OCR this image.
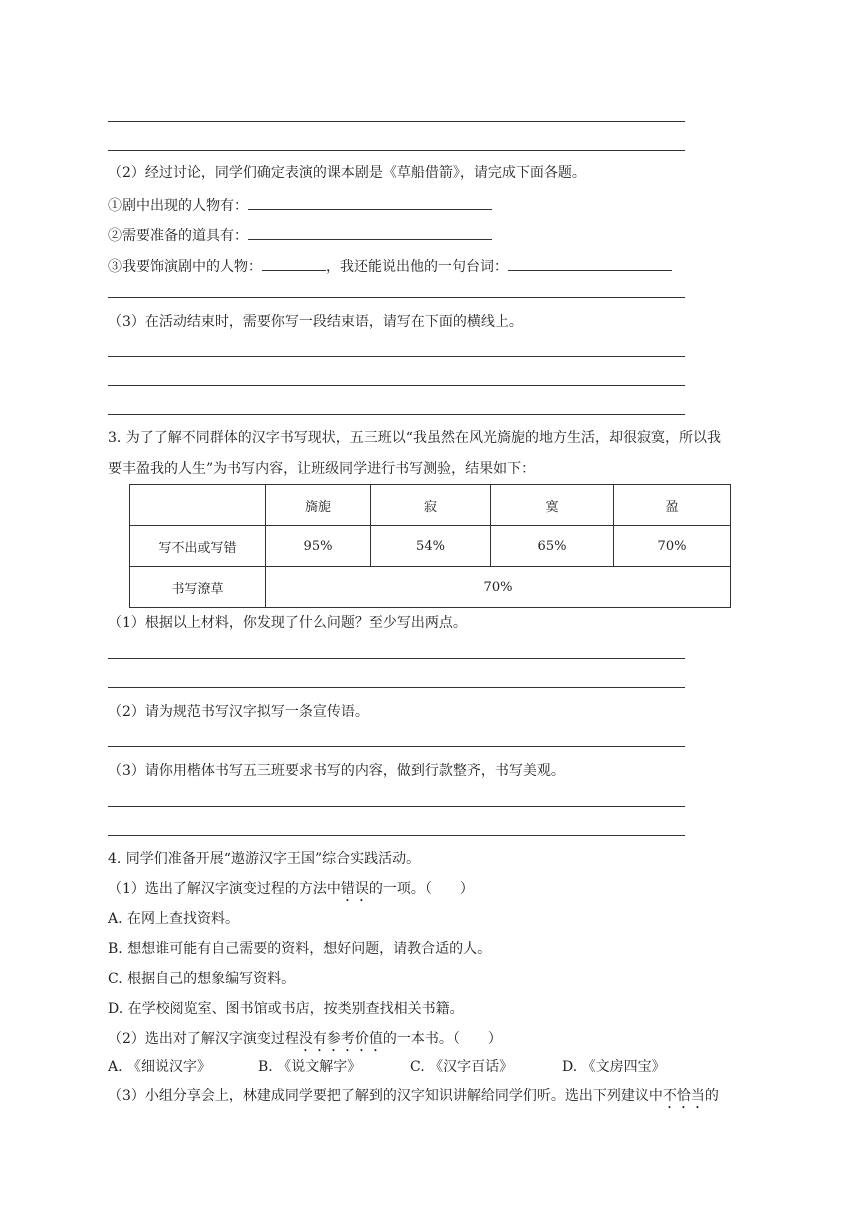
（2）经过讨论，同学们确定表演的课本剧是《草船借箭》，请完成下面各题。
①剧中出现的人物有：
②需要准备的道具有：
③我要饰演剧中的人物：	，我还能说出他的一句台词：
（3）在活动结束时，需要你写一段结束语，请写在下面的横线上。
3. 为了了解不同群体的汉字书写现状，五三班以“我虽然在风光旖旎的地方生活，却很寂寞，所以我
要丰盈我的人生”为书写内容，让班级同学进行书写测验，结果如下：
	旖旎	寂	寞	盈
写不出或写错	95%	54%	65%	70%
书写潦草	70%			
（1）根据以上材料，你发现了什么问题？至少写出两点。
（2）请为规范书写汉字拟写一条宣传语。
（3）请你用楷体书写五三班要求书写的内容，做到行款整齐，书写美观。
4. 同学们准备开展“遨游汉字王国”综合实践活动。
（1）选出了解汉字演变过程的方法中错误的一项。（　　）
A. 在网上查找资料。
B. 想想谁可能有自己需要的资料，想好问题，请教合适的人。
C. 根据自己的想象编写资料。
D. 在学校阅览室、图书馆或书店，按类别查找相关书籍。
（2）选出对了解汉字演变过程没有参考价值的一本书。（　　）
A. 《细说汉字》	B. 《说文解字》	C. 《汉字百话》	D. 《文房四宝》
（3）小组分享会上，林建成同学要把了解到的汉字知识讲解给同学们听。选出下列建议中不恰当的
